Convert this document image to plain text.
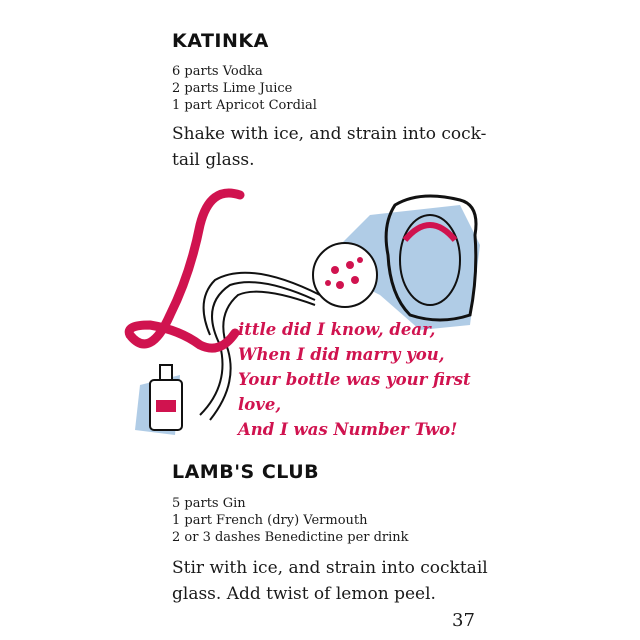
KATINKA
6 parts Vodka
2 parts Lime Juice
1 part Apricot Cordial
Shake with ice, and strain into cock-
tail glass.
ittle did I know, dear,
When I did marry you,
Your bottle was your first love,
And I was Number Two!
LAMB'S CLUB
5 parts Gin
1 part French (dry) Vermouth
2 or 3 dashes Benedictine per drink
Stir with ice, and strain into cocktail
glass. Add twist of lemon peel.
37
